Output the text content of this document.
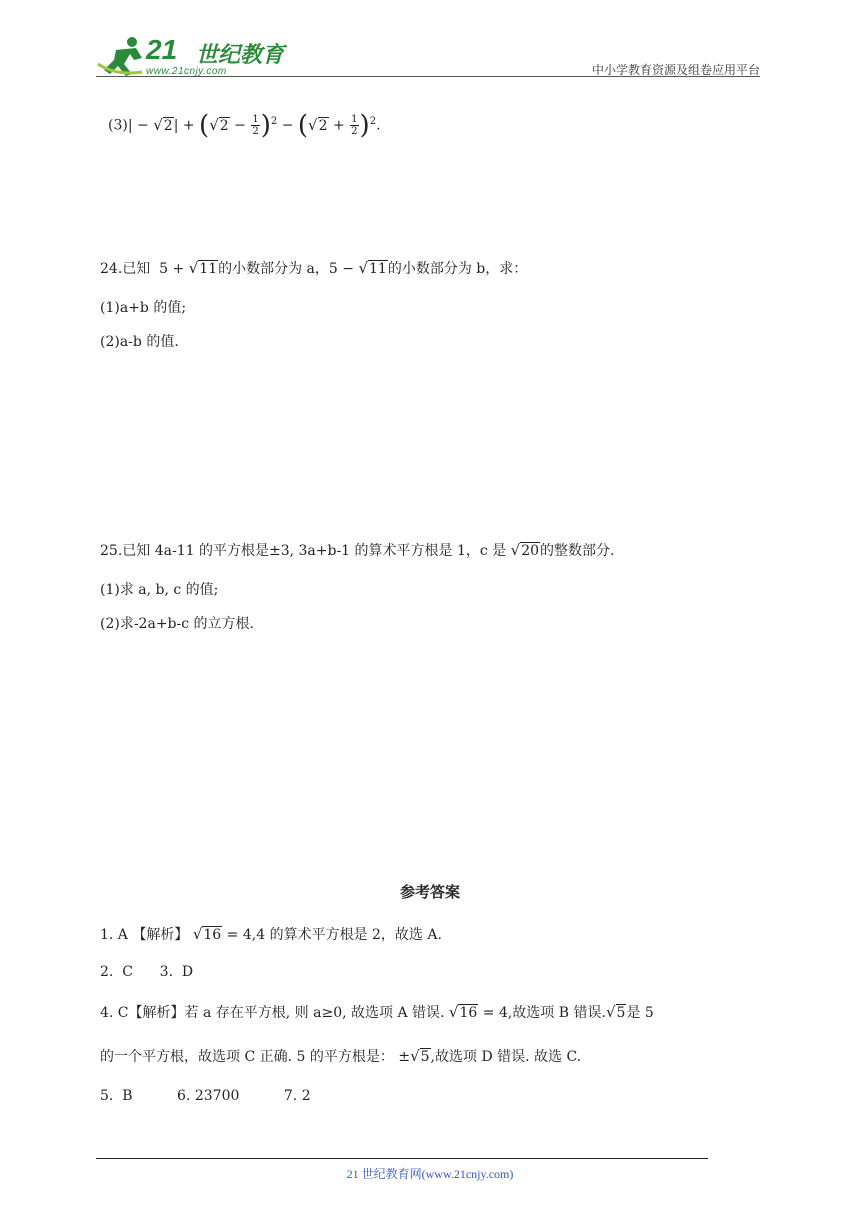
21 世纪教育
www.21cnjy.com	中小学教育资源及组卷应用平台
$(3)| - √2| + (√2 - \frac{1}{2} )^2 - (√2 + \frac{1}{2} )^2$.
24.已知 5 + √11的小数部分为 a，5 − √11的小数部分为 b，求：
(1)a+b 的值;
(2)a-b 的值.
25.已知 4a-11 的平方根是±3, 3a+b-1 的算术平方根是 1，c 是 √20的整数部分.
(1)求 a, b, c 的值;
(2)求-2a+b-c 的立方根.
参考答案
1. A 【解析】 √16 = 4,4 的算术平方根是 2，故选 A.
2.  C      3.  D
4. C【解析】若 a 存在平方根, 则 a≥0, 故选项 A 错误. √16 = 4,故选项 B 错误.√5是 5
的一个平方根，故选项 C 正确. 5 的平方根是： ±√5,故选项 D 错误. 故选 C.
5.  B          6. 23700          7. 2
21 世纪教育网(www.21cnjy.com)
